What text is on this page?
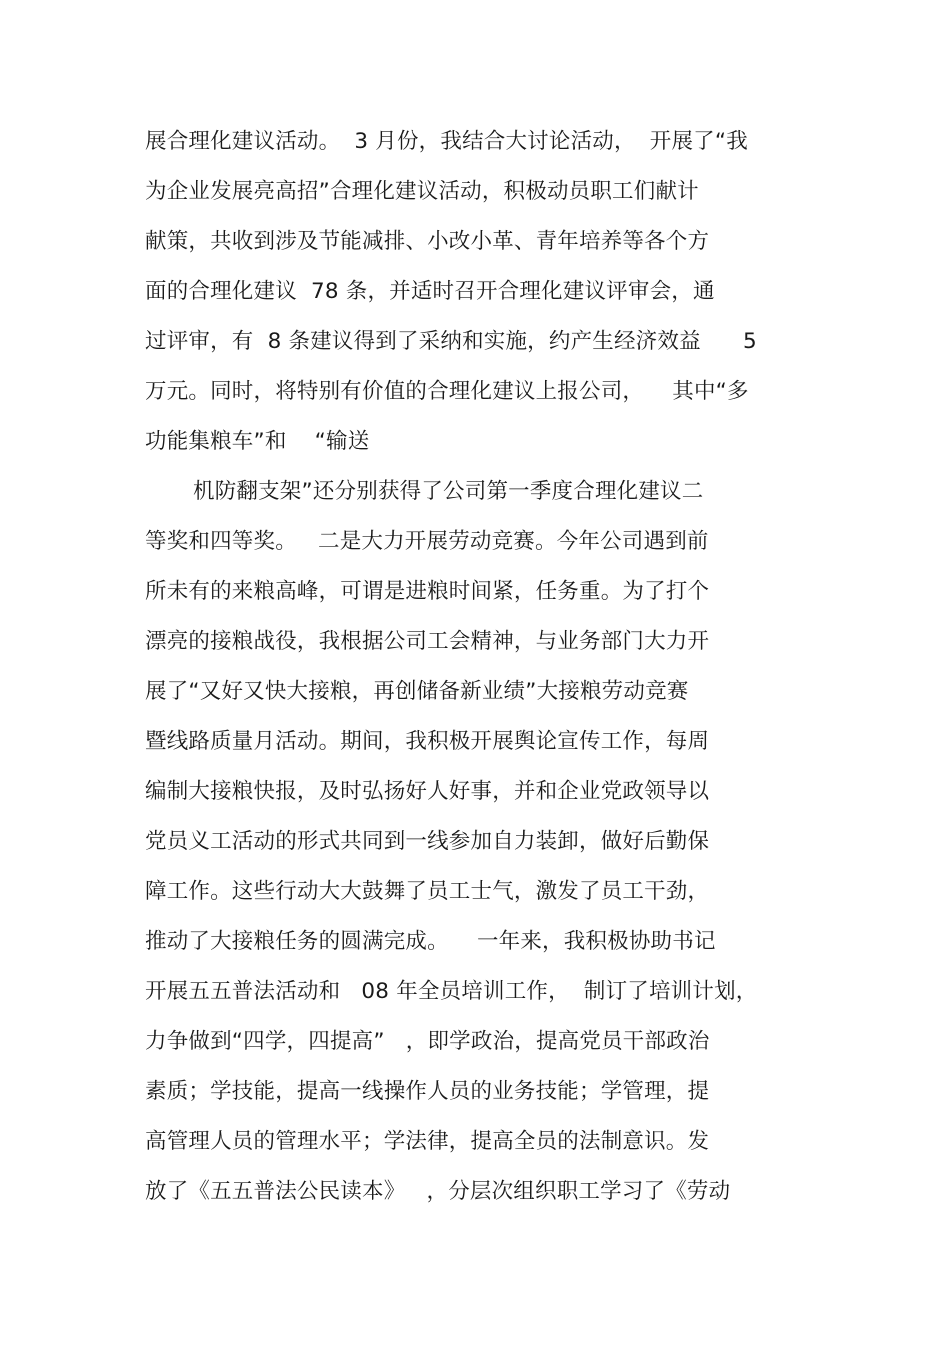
展合理化建议活动。  3 月份，我结合大讨论活动，  开展了“我
为企业发展亮高招”合理化建议活动，积极动员职工们献计
献策，共收到涉及节能减排、小改小革、青年培养等各个方
面的合理化建议  78 条，并适时召开合理化建议评审会，通
过评审，有  8 条建议得到了采纳和实施，约产生经济效益      5
万元。同时，将特别有价值的合理化建议上报公司，    其中“多
功能集粮车”和    “输送
机防翻支架”还分别获得了公司第一季度合理化建议二
等奖和四等奖。   二是大力开展劳动竞赛。今年公司遇到前
所未有的来粮高峰，可谓是进粮时间紧，任务重。为了打个
漂亮的接粮战役，我根据公司工会精神，与业务部门大力开
展了“又好又快大接粮，再创储备新业绩”大接粮劳动竞赛
暨线路质量月活动。期间，我积极开展舆论宣传工作，每周
编制大接粮快报，及时弘扬好人好事，并和企业党政领导以
党员义工活动的形式共同到一线参加自力装卸，做好后勤保
障工作。这些行动大大鼓舞了员工士气，激发了员工干劲，
推动了大接粮任务的圆满完成。    一年来，我积极协助书记
开展五五普法活动和   08 年全员培训工作，  制订了培训计划，
力争做到“四学，四提高”   ，即学政治，提高党员干部政治
素质；学技能，提高一线操作人员的业务技能；学管理，提
高管理人员的管理水平；学法律，提高全员的法制意识。发
放了《五五普法公民读本》   ，分层次组织职工学习了《劳动
